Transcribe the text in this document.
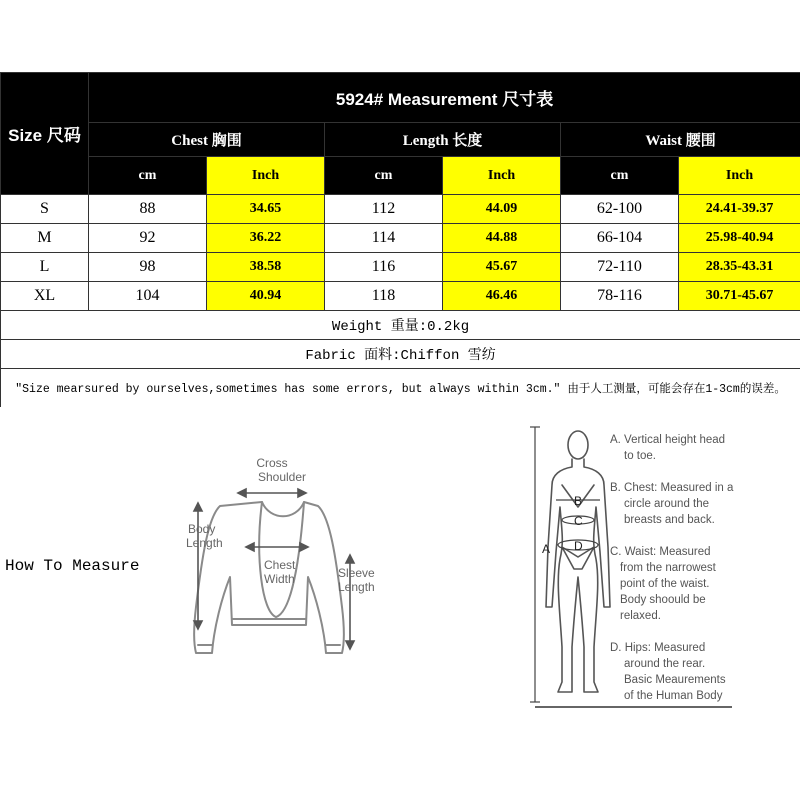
Size 尺码	5924# Measurement 尺寸表					
	Chest 胸围		Length 长度		Waist 腰围	
	cm	Inch	cm	Inch	cm	Inch
S	88	34.65	112	44.09	62-100	24.41-39.37
M	92	36.22	114	44.88	66-104	25.98-40.94
L	98	38.58	116	45.67	72-110	28.35-43.31
XL	104	40.94	118	46.46	78-116	30.71-45.67
Weight 重量:0.2kg						
Fabric 面料:Chiffon 雪纺						
"Size mearsured by ourselves,sometimes has some errors, but always within 3cm." 由于人工测量，可能会存在1-3cm的误差。						
How To Measure
Cross
Shoulder
Body
Length
Chest
Width	Sleeve
Length
B
C
D
A
A. Vertical height head
to toe.
B. Chest: Measured in a
circle around the
breasts and back.
C. Waist: Measured
from the narrowest
point of the waist.
Body shoould be
relaxed.
D. Hips: Measured
around the rear.
Basic Meaurements
of the Human Body
